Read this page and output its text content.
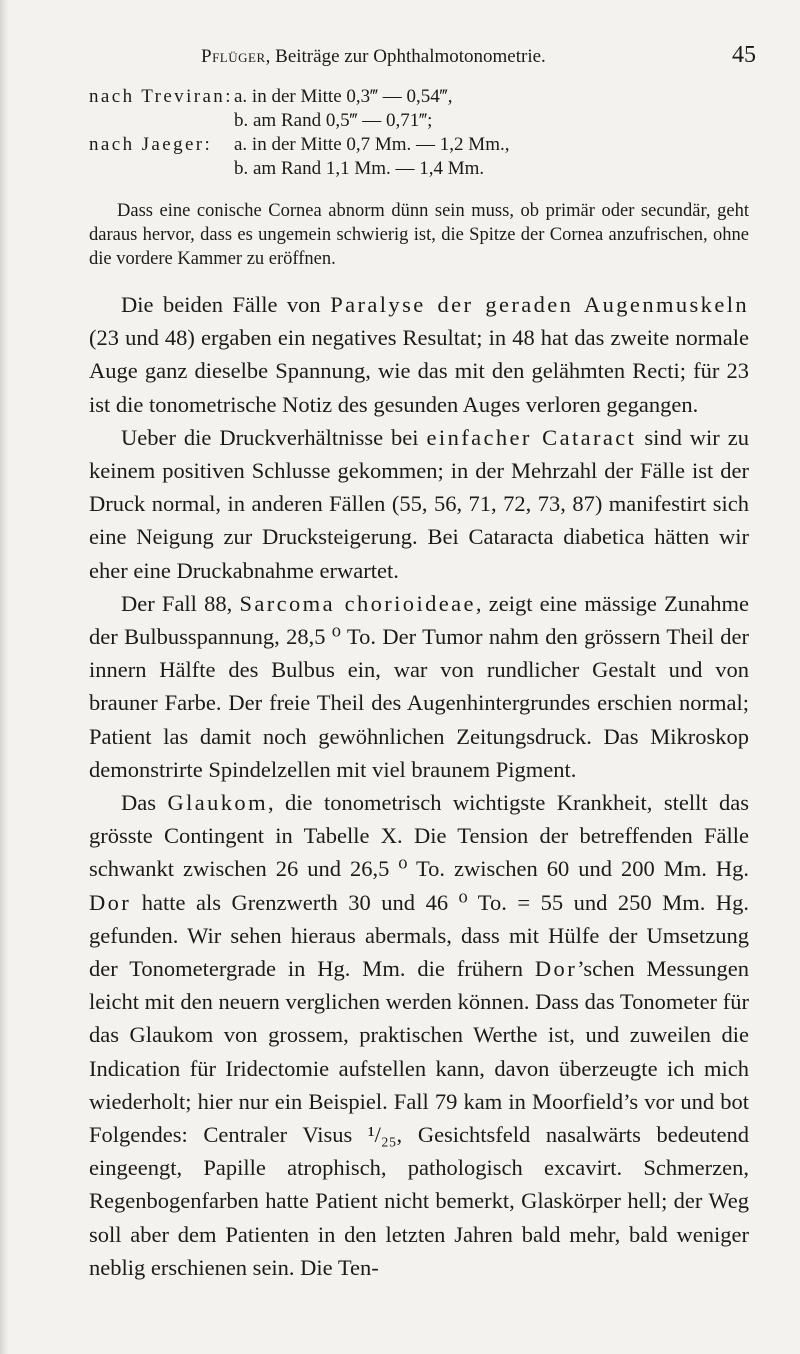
Pflüger, Beiträge zur Ophthalmotonometrie.	45
nach Treviran: a. in der Mitte 0,3‴ — 0,54‴,
b. am Rand 0,5‴ — 0,71‴;
nach Jaeger:	a. in der Mitte 0,7 Mm. — 1,2 Mm.,
b. am Rand 1,1 Mm. — 1,4 Mm.

Dass eine conische Cornea abnorm dünn sein muss, ob primär oder secundär, geht daraus hervor, dass es ungemein schwierig ist, die Spitze der Cornea anzufrischen, ohne die vordere Kammer zu eröffnen.

Die beiden Fälle von Paralyse der geraden Augenmuskeln (23 und 48) ergaben ein negatives Resultat; in 48 hat das zweite normale Auge ganz dieselbe Spannung, wie das mit den gelähmten Recti; für 23 ist die tonometrische Notiz des gesunden Auges verloren gegangen.

Ueber die Druckverhältnisse bei einfacher Cataract sind wir zu keinem positiven Schlusse gekommen; in der Mehrzahl der Fälle ist der Druck normal, in anderen Fällen (55, 56, 71, 72, 73, 87) manifestirt sich eine Neigung zur Drucksteigerung. Bei Cataracta diabetica hätten wir eher eine Druckabnahme erwartet.

Der Fall 88, Sarcoma chorioideae, zeigt eine mässige Zunahme der Bulbusspannung, 28,5 ⁰ To. Der Tumor nahm den grössern Theil der innern Hälfte des Bulbus ein, war von rundlicher Gestalt und von brauner Farbe. Der freie Theil des Augenhintergrundes erschien normal; Patient las damit noch gewöhnlichen Zeitungsdruck. Das Mikroskop demonstrirte Spindelzellen mit viel braunem Pigment.

Das Glaukom, die tonometrisch wichtigste Krankheit, stellt das grösste Contingent in Tabelle X. Die Tension der betreffenden Fälle schwankt zwischen 26 und 26,5 ⁰ To. zwischen 60 und 200 Mm. Hg. Dor hatte als Grenzwerth 30 und 46 ⁰ To. = 55 und 250 Mm. Hg. gefunden. Wir sehen hieraus abermals, dass mit Hülfe der Umsetzung der Tonometergrade in Hg. Mm. die frühern Dor’schen Messungen leicht mit den neuern verglichen werden können. Dass das Tonometer für das Glaukom von grossem, praktischen Werthe ist, und zuweilen die Indication für Iridectomie aufstellen kann, davon überzeugte ich mich wiederholt; hier nur ein Beispiel. Fall 79 kam in Moorfield’s vor und bot Folgendes: Centraler Visus ¹/₂₅, Gesichtsfeld nasalwärts bedeutend eingeengt, Papille atrophisch, pathologisch excavirt. Schmerzen, Regenbogenfarben hatte Patient nicht bemerkt, Glaskörper hell; der Weg soll aber dem Patienten in den letzten Jahren bald mehr, bald weniger neblig erschienen sein. Die Ten-
